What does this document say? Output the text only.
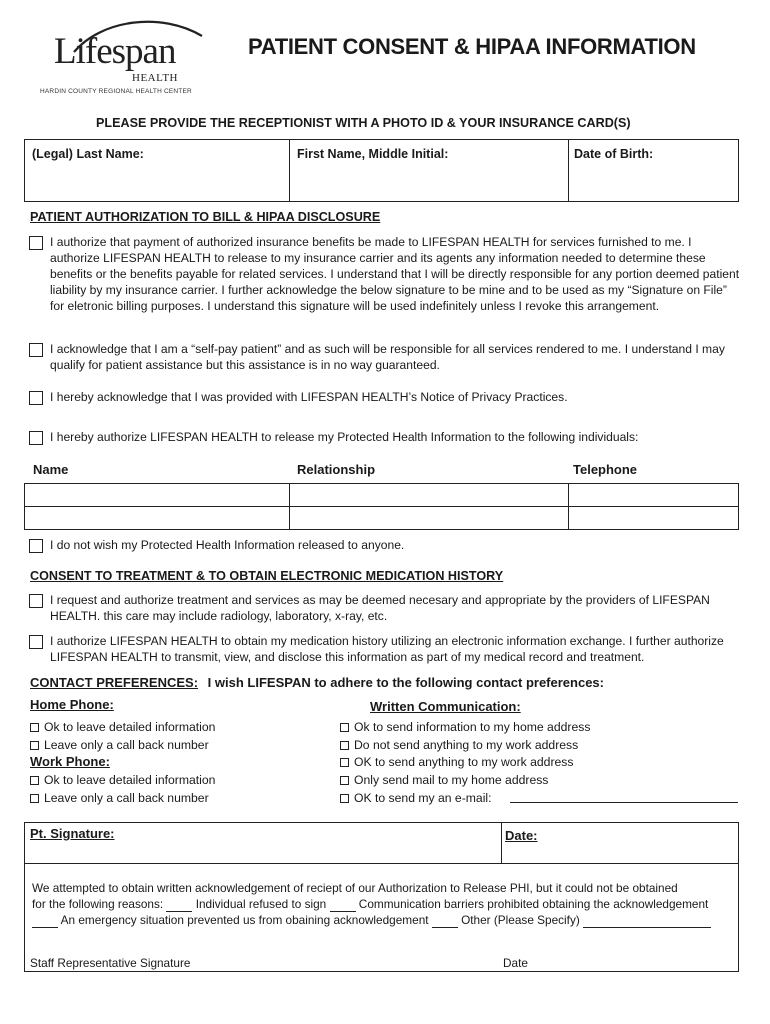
Lifespan
HEALTH
HARDIN COUNTY REGIONAL HEALTH CENTER
PATIENT CONSENT & HIPAA INFORMATION
PLEASE PROVIDE THE RECEPTIONIST WITH A PHOTO ID & YOUR INSURANCE CARD(S)
(Legal) Last Name:	First Name, Middle Initial:	Date of Birth:
PATIENT AUTHORIZATION TO BILL & HIPAA DISCLOSURE
I authorize that payment of authorized insurance benefits be made to LIFESPAN HEALTH for services furnished to me. I authorize LIFESPAN HEALTH to release to my insurance carrier and its agents any information needed to determine these benefits or the benefits payable for related services. I understand that I will be directly responsible for any portion deemed patient liability by my insurance carrier. I further acknowledge the below signature to be mine and to be used as my “Signature on File” for eletronic billing purposes. I understand this signature will be used indefinitely unless I revoke this arrangement.
I acknowledge that I am a “self-pay patient” and as such will be responsible for all services rendered to me. I understand I may qualify for patient assistance but this assistance is in no way guaranteed.
I hereby acknowledge that I was provided with LIFESPAN HEALTH’s Notice of Privacy Practices.
I hereby authorize LIFESPAN HEALTH to release my Protected Health Information to the following individuals:
Name	Relationship	Telephone
I do not wish my Protected Health Information released to anyone.
CONSENT TO TREATMENT & TO OBTAIN ELECTRONIC MEDICATION HISTORY
I request and authorize treatment and services as may be deemed necesary and appropriate by the providers of LIFESPAN HEALTH. this care may include radiology, laboratory, x-ray, etc.
I authorize LIFESPAN HEALTH to obtain my medication history utilizing an electronic information exchange. I further authorize LIFESPAN HEALTH to transmit, view, and disclose this information as part of my medical record and treatment.
CONTACT PREFERENCES: I wish LIFESPAN to adhere to the following contact preferences:
Home Phone:
Ok to leave detailed information
Leave only a call back number
Work Phone:
Ok to leave detailed information
Leave only a call back number
Written Communication:
Ok to send information to my home address
Do not send anything to my work address
OK to send anything to my work address
Only send mail to my home address
OK to send my an e-mail:
Pt. Signature:	Date:
We attempted to obtain written acknowledgement of reciept of our Authorization to Release PHI, but it could not be obtained
for the following reasons:	Individual refused to sign	Communication barriers prohibited obtaining the acknowledgement
An emergency situation prevented us from obaining acknowledgement	Other (Please Specify)
Staff Representative Signature	Date
